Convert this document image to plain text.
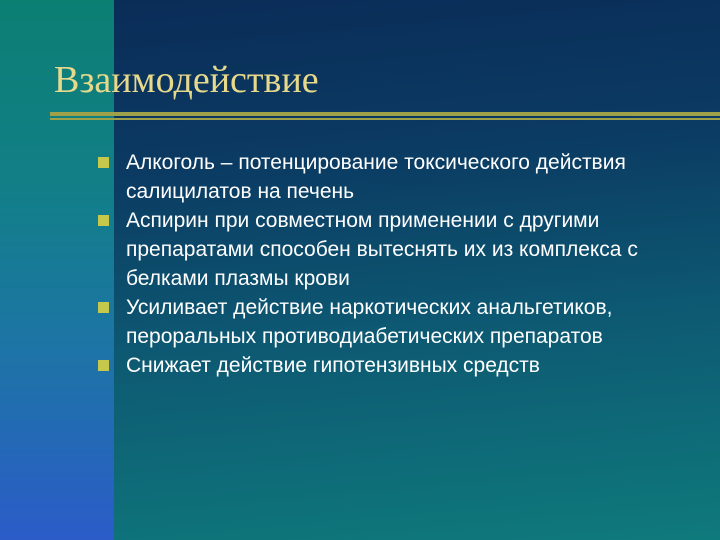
Взаимодействие
Алкоголь – потенцирование токсического действия салицилатов на печень
Аспирин при совместном применении с другими препаратами способен вытеснять их из комплекса с белками плазмы крови
Усиливает действие наркотических анальгетиков, пероральных противодиабетических препаратов
Снижает действие гипотензивных средств
